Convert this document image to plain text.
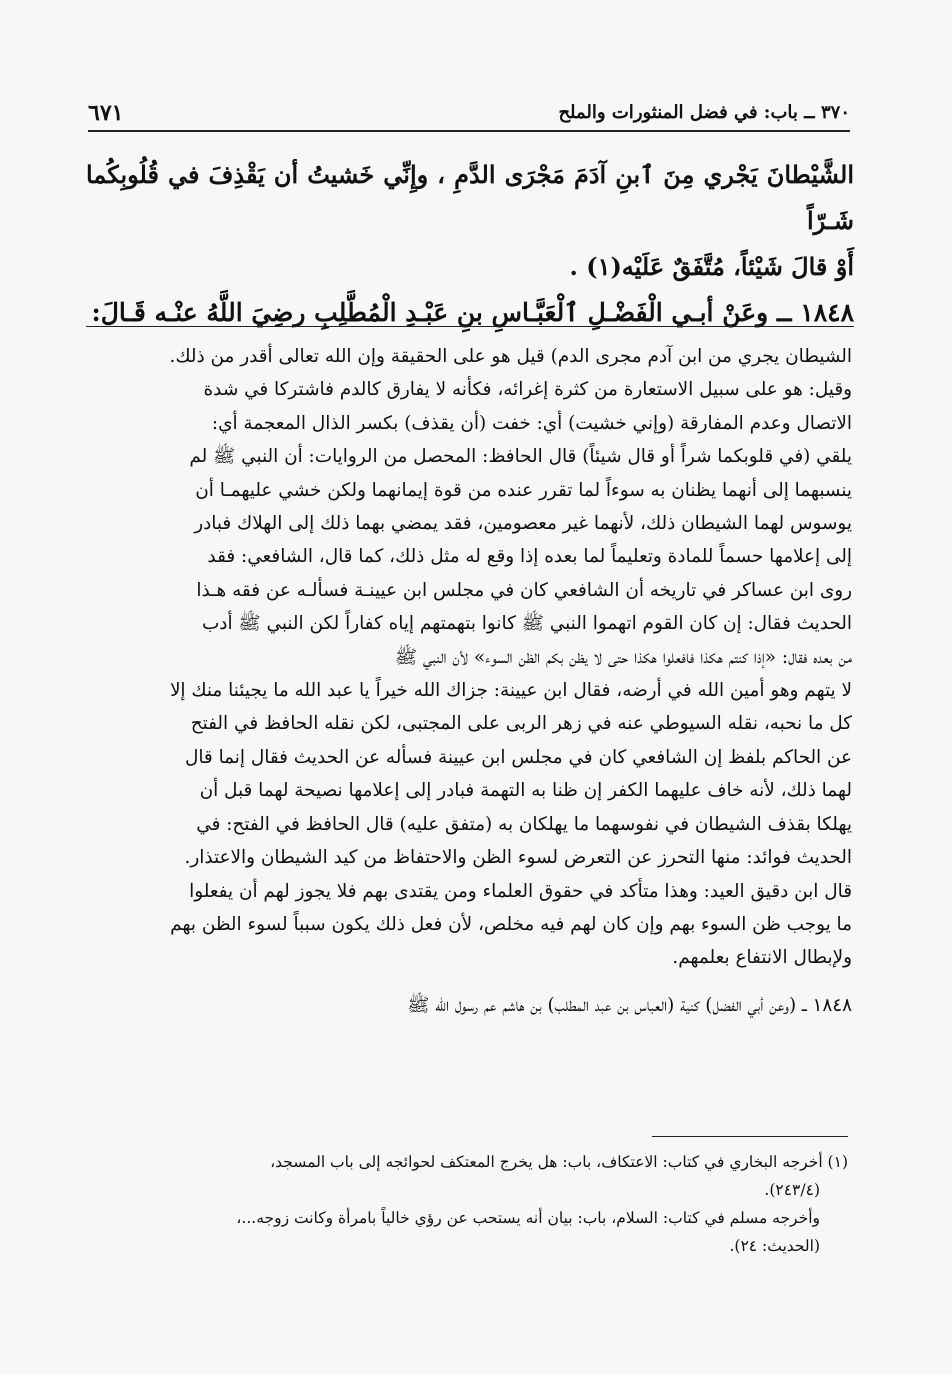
٦٧١	٣٧٠ ــ باب: في فضل المنثورات والملح

الشَّيْطانَ يَجْري مِنَ ٱبنِ آدَمَ مَجْرَى الدَّمِ ، وإِنِّي خَشيتُ أن يَقْذِفَ في قُلُوبِكُما شَـرّاً

أَوْ قالَ شَيْئاً، مُتَّفَقٌ عَلَيْه(١) .

١٨٤٨ ــ وعَنْ أبـي الْفَضْـلِ ٱلْعَبَّـاسِ بنِ عَبْـدِ الْمُطَّلِبِ رضِيَ اللَّهُ عنْـه قَـالَ:

الشيطان يجري من ابن آدم مجرى الدم) قيل هو على الحقيقة وإن الله تعالى أقدر من ذلك.

وقيل: هو على سبيل الاستعارة من كثرة إغرائه، فكأنه لا يفارق كالدم فاشتركا في شدة

الاتصال وعدم المفارقة (وإني خشيت) أي: خفت (أن يقذف) بكسر الذال المعجمة أي:

يلقي (في قلوبكما شراً أو قال شيئاً) قال الحافظ: المحصل من الروايات: أن النبي ﷺ لم

ينسبهما إلى أنهما يظنان به سوءاً لما تقرر عنده من قوة إيمانهما ولكن خشي عليهمـا أن

يوسوس لهما الشيطان ذلك، لأنهما غير معصومين، فقد يمضي بهما ذلك إلى الهلاك فبادر

إلى إعلامها حسماً للمادة وتعليماً لما بعده إذا وقع له مثل ذلك، كما قال، الشافعي: فقد

روى ابن عساكر في تاريخه أن الشافعي كان في مجلس ابن عيينـة فسألـه عن فقه هـذا

الحديث فقال: إن كان القوم اتهموا النبي ﷺ كانوا بتهمتهم إياه كفاراً لكن النبي ﷺ أدب

من بعده فقال: «إذا كنتم هكذا فافعلوا هكذا حتى لا يظن بكم الظن السوء» لأن النبي ﷺ

لا يتهم وهو أمين الله في أرضه، فقال ابن عيينة: جزاك الله خيراً يا عبد الله ما يجيئنا منك إلا

كل ما نحبه، نقله السيوطي عنه في زهر الربى على المجتبى، لكن نقله الحافظ في الفتح

عن الحاكم بلفظ إن الشافعي كان في مجلس ابن عيينة فسأله عن الحديث فقال إنما قال

لهما ذلك، لأنه خاف عليهما الكفر إن ظنا به التهمة فبادر إلى إعلامها نصيحة لهما قبل أن

يهلكا بقذف الشيطان في نفوسهما ما يهلكان به (متفق عليه) قال الحافظ في الفتح: في

الحديث فوائد: منها التحرز عن التعرض لسوء الظن والاحتفاظ من كيد الشيطان والاعتذار.

قال ابن دقيق العيد: وهذا متأكد في حقوق العلماء ومن يقتدى بهم فلا يجوز لهم أن يفعلوا

ما يوجب ظن السوء بهم وإن كان لهم فيه مخلص، لأن فعل ذلك يكون سبباً لسوء الظن بهم

ولإبطال الانتفاع بعلمهم.

١٨٤٨ ــ (وعن أبي الفضل) كنية (العباس بن عبد المطلب) بن هاشم عم رسول الله ﷺ

(١) أخرجه البخاري في كتاب: الاعتكاف، باب: هل يخرج المعتكف لحوائجه إلى باب المسجد،

(٢٤٣/٤).

وأخرجه مسلم في كتاب: السلام، باب: بيان أنه يستحب عن رؤي خالياً بامرأة وكانت زوجه...،

(الحديث: ٢٤).
